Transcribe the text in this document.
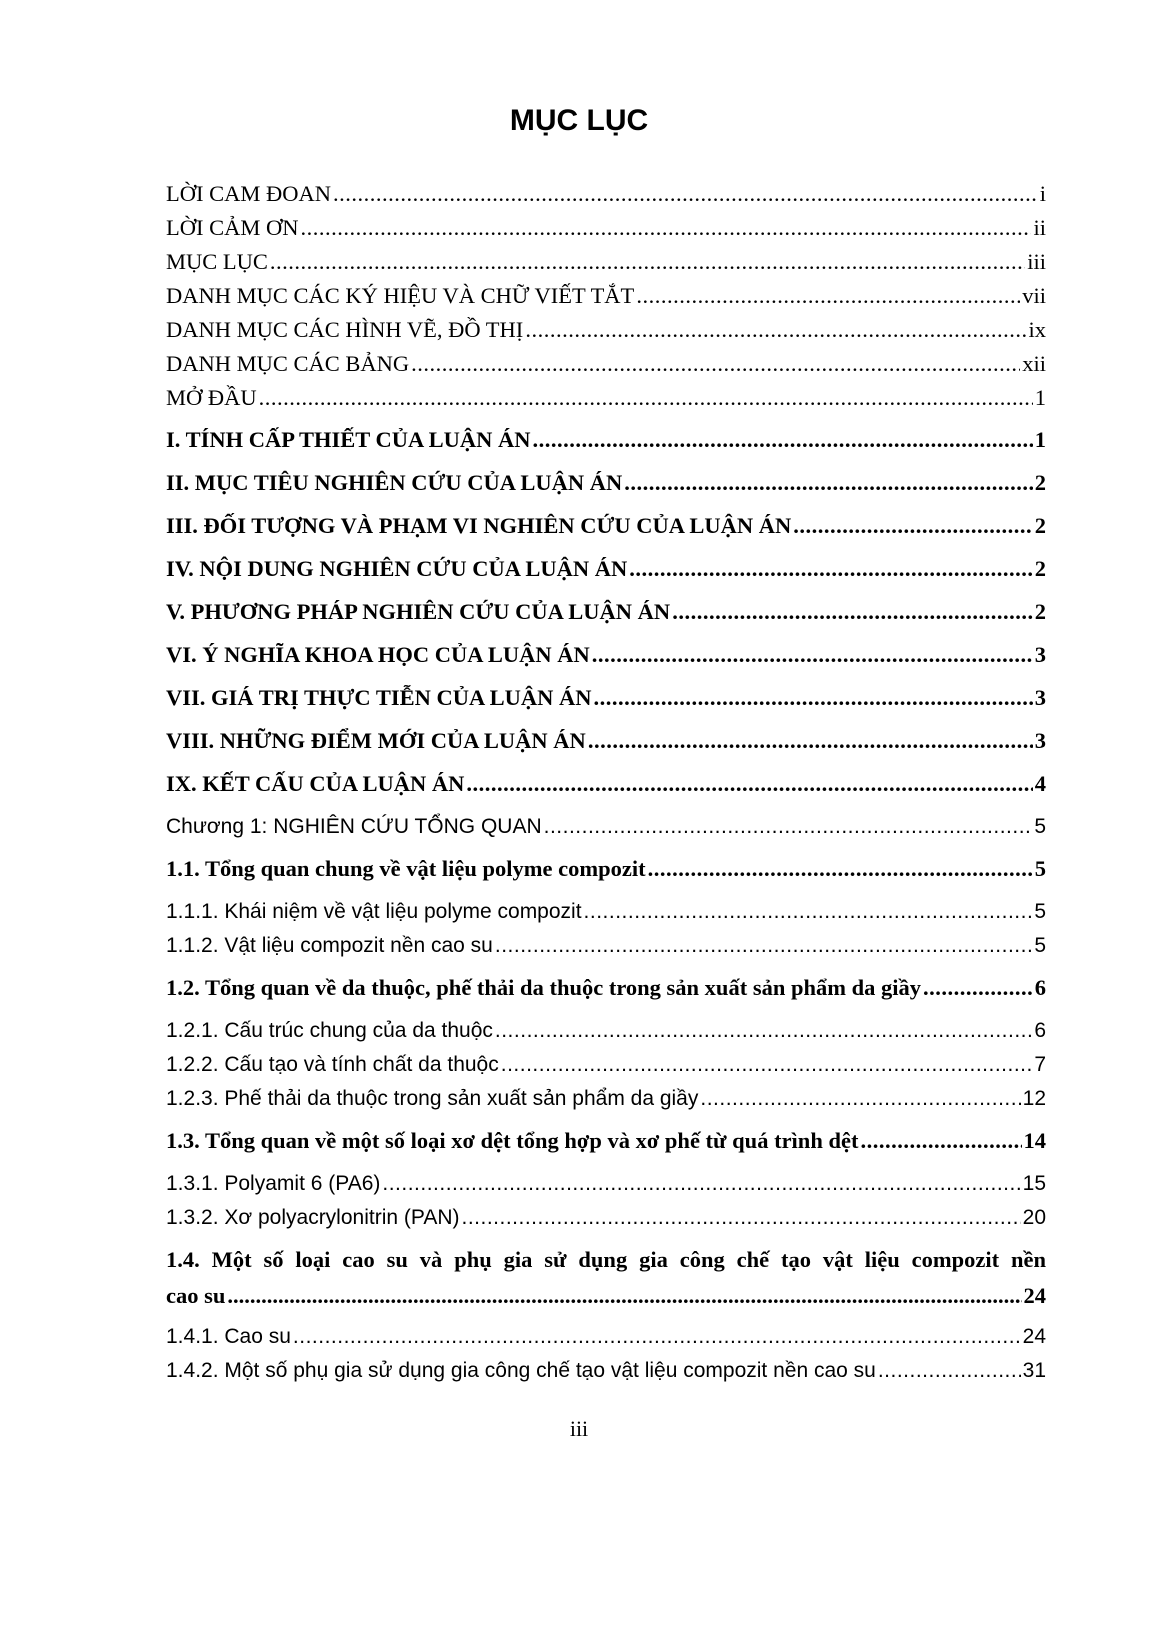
MỤC LỤC
LỜI CAM ĐOAN .....	i
LỜI CẢM ƠN .....	ii
MỤC LỤC .....	iii
DANH MỤC CÁC KÝ HIỆU VÀ CHỮ VIẾT TẮT .....	vii
DANH MỤC CÁC HÌNH VẼ, ĐỒ THỊ .....	ix
DANH MỤC CÁC BẢNG .....	xii
MỞ ĐẦU .....	1
I. TÍNH CẤP THIẾT CỦA LUẬN ÁN .....	1
II. MỤC TIÊU NGHIÊN CỨU CỦA LUẬN ÁN .....	2
III. ĐỐI TƯỢNG VÀ PHẠM VI NGHIÊN CỨU CỦA LUẬN ÁN .....	2
IV. NỘI DUNG NGHIÊN CỨU CỦA LUẬN ÁN .....	2
V. PHƯƠNG PHÁP NGHIÊN CỨU CỦA LUẬN ÁN .....	2
VI. Ý NGHĨA KHOA HỌC CỦA LUẬN ÁN .....	3
VII. GIÁ TRỊ THỰC TIỄN CỦA LUẬN ÁN .....	3
VIII. NHỮNG ĐIỂM MỚI CỦA LUẬN ÁN .....	3
IX. KẾT CẤU CỦA LUẬN ÁN .....	4
Chương 1: NGHIÊN CỨU TỔNG QUAN .....	5
1.1. Tổng quan chung về vật liệu polyme compozit .....	5
1.1.1. Khái niệm về vật liệu polyme compozit .....	5
1.1.2. Vật liệu compozit nền cao su .....	5
1.2. Tổng quan về da thuộc, phế thải da thuộc trong sản xuất sản phẩm da giầy .....	6
1.2.1. Cấu trúc chung của da thuộc .....	6
1.2.2. Cấu tạo và tính chất da thuộc .....	7
1.2.3. Phế thải da thuộc trong sản xuất sản phẩm da giầy .....	12
1.3. Tổng quan về một số loại xơ dệt tổng hợp và xơ phế từ quá trình dệt .....	14
1.3.1. Polyamit 6 (PA6) .....	15
1.3.2. Xơ polyacrylonitrin (PAN) .....	20
1.4. Một số loại cao su và phụ gia sử dụng gia công chế tạo vật liệu compozit nền
cao su .....	24
1.4.1. Cao su .....	24
1.4.2. Một số phụ gia sử dụng gia công chế tạo vật liệu compozit nền cao su .....	31
iii
